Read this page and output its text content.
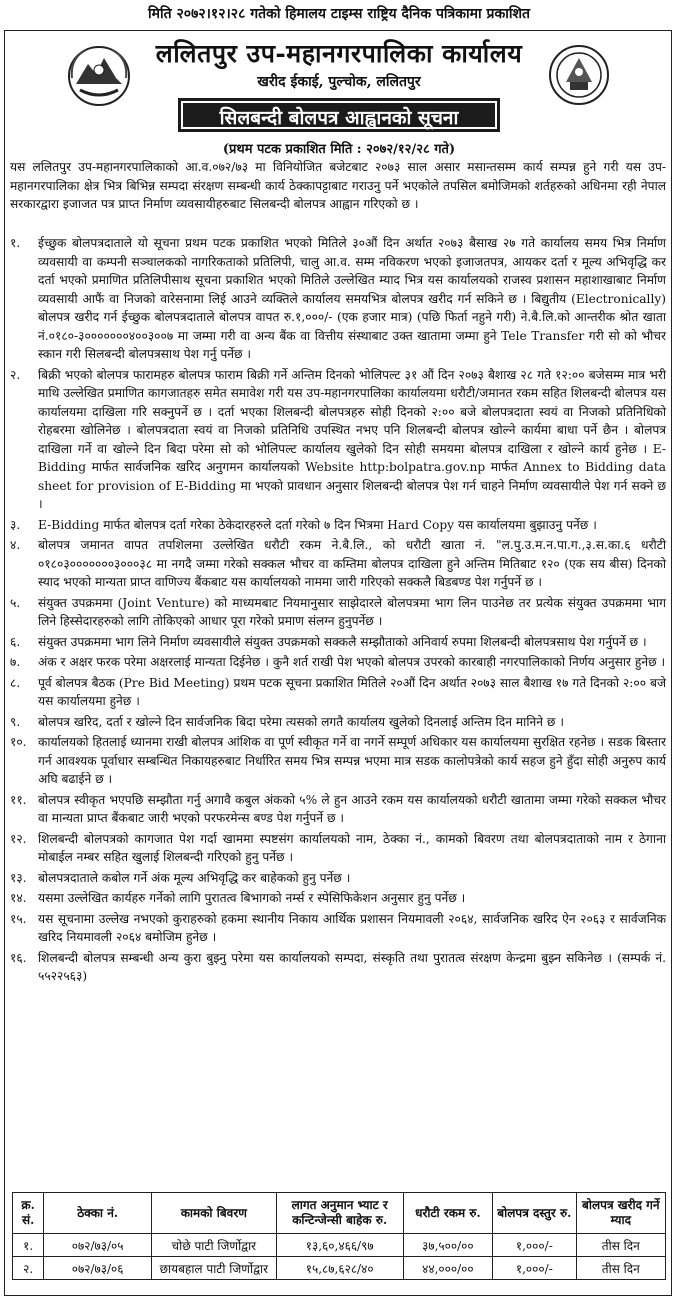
मिति २०७२।१२।२८ गतेको हिमालय टाइम्स राष्ट्रिय दैनिक पत्रिकामा प्रकाशित
ललितपुर उप-महानगरपालिका कार्यालय
खरीद ईकाई, पुल्चोक, ललितपुर
सिलबन्दी बोलपत्र आह्वानको सूचना
(प्रथम पटक प्रकाशित मिति : २०७२/१२/२८ गते)
यस ललितपुर उप-महानगरपालिकाको आ.व.०७२/७३ मा विनियोजित बजेटबाट २०७३ साल असार मसान्तसम्म कार्य सम्पन्न हुने गरी यस उप-महानगरपालिका क्षेत्र भित्र बिभिन्न सम्पदा संरक्षण सम्बन्धी कार्य ठेक्कापट्टाबाट गराउनु पर्ने भएकोले तपसिल बमोजिमको शर्तहरुको अधिनमा रही नेपाल सरकारद्वारा इजाजत पत्र प्राप्त निर्माण व्यवसायीहरुबाट सिलबन्दी बोलपत्र आह्वान गरिएको छ ।
१.	ईच्छुक बोलपत्रदाताले यो सूचना प्रथम पटक प्रकाशित भएको मितिले ३०औं दिन अर्थात २०७३ बैसाख २७ गते कार्यालय समय भित्र निर्माण व्यवसायी वा कम्पनी सञ्चालकको नागरिकताको प्रतिलिपी, चालु आ.व. सम्म नविकरण भएको इजाजतपत्र, आयकर दर्ता र मूल्य अभिवृद्धि कर दर्ता भएको प्रमाणित प्रतिलिपीसाथ सूचना प्रकाशित भएको मितिले उल्लेखित म्याद भित्र यस कार्यालयको राजस्व प्रशासन महाशाखाबाट निर्माण व्यवसायी आफैं वा निजको वारेसनामा लिई आउने व्यक्तिले कार्यालय समयभित्र बोलपत्र खरीद गर्न सकिने छ । बिद्युतीय (Electronically) बोलपत्र खरीद गर्न ईच्छुक बोलपत्रदाताले बोलपत्र वापत रु.१,०००/- (एक हजार मात्र) (पछि फिर्ता नहुने गरी) ने.बै.लि.को आन्तरीक श्रोत खाता नं.०१८०-३०००००००४००३००७ मा जम्मा गरी वा अन्य बैंक वा वित्तीय संस्थाबाट उक्त खातामा जम्मा हुने Tele Transfer गरी सो को भौचर स्कान गरी सिलबन्दी बोलपत्रसाथ पेश गर्नु पर्नेछ ।
२.	बिक्री भएको बोलपत्र फारामहरु बोलपत्र फाराम बिक्री गर्ने अन्तिम दिनको भोलिपल्ट ३१ औं दिन २०७३ बैशाख २८ गते १२:०० बजेसम्म मात्र भरी माथि उल्लेखित प्रमाणित कागजातहरु समेत समावेश गरी यस उप-महानगरपालिका कार्यालयमा धरौटी/जमानत रकम सहित शिलबन्दी बोलपत्र यस कार्यालयमा दाखिला गरि सक्नुपर्ने छ । दर्ता भएका शिलबन्दी बोलपत्रहरु सोही दिनको २:०० बजे बोलपत्रदाता स्वयं वा निजको प्रतिनिधिको रोहबरमा खोलिनेछ । बोलपत्रदाता स्वयं वा निजको प्रतिनिधि उपस्थित नभए पनि शिलबन्दी बोलपत्र खोल्ने कार्यमा बाधा पर्ने छैन । बोलपत्र दाखिला गर्ने वा खोल्ने दिन बिदा परेमा सो को भोलिपल्ट कार्यालय खुलेको दिन सोही समयमा बोलपत्र दाखिला र खोल्ने कार्य हुनेछ । E-Bidding मार्फत सार्वजनिक खरिद अनुगमन कार्यालयको Website http:bolpatra.gov.np मार्फत Annex to Bidding data sheet for provision of E-Bidding मा भएको प्रावधान अनुसार शिलबन्दी बोलपत्र पेश गर्न चाहने निर्माण व्यवसायीले पेश गर्न सक्ने छ ।
३.	E-Bidding मार्फत बोलपत्र दर्ता गरेका ठेकेदारहरुले दर्ता गरेको ७ दिन भित्रमा Hard Copy यस कार्यालयमा बुझाउनु पर्नेछ ।
४.	बोलपत्र जमानत वापत तपशिलमा उल्लेखित धरौटी रकम ने.बै.लि., को धरौटी खाता नं. "ल.पु.उ.म.न.पा.ग.,३.स.का.६ धरौटी ०१८०३०००००००३०००३८ मा नगदै जम्मा गरेको सक्कल भौचर वा कम्तिमा बोलपत्र दाखिला हुने अन्तिम मितिबाट १२० (एक सय बीस) दिनको स्याद भएको मान्यता प्राप्त वाणिज्य बैंकबाट यस कार्यालयको नाममा जारी गरिएको सक्कलै बिडबण्ड पेश गर्नुपर्ने छ ।
५.	संयुक्त उपक्रममा (Joint Venture) को माध्यमबाट नियमानुसार साझेदारले बोलपत्रमा भाग लिन पाउनेछ तर प्रत्येक संयुक्त उपक्रममा भाग लिने हिस्सेदारहरुको लागि तोकिएको आधार पूरा गरेको प्रमाण संलग्न हुनुपर्नेछ ।
६.	संयुक्त उपक्रममा भाग लिने निर्माण व्यवसायीले संयुक्त उपक्रमको सक्कलै सम्झौताको अनिवार्य रुपमा शिलबन्दी बोलपत्रसाथ पेश गर्नुपर्ने छ ।
७.	अंक र अक्षर फरक परेमा अक्षरलाई मान्यता दिईनेछ । कुनै शर्त राखी पेश भएको बोलपत्र उपरको कारबाही नगरपालिकाको निर्णय अनुसार हुनेछ ।
८.	पूर्व बोलपत्र बैठक (Pre Bid Meeting) प्रथम पटक सूचना प्रकाशित मितिले २०औं दिन अर्थात २०७३ साल बैशाख १७ गते दिनको २:०० बजे यस कार्यालयमा हुनेछ ।
९.	बोलपत्र खरिद, दर्ता र खोल्ने दिन सार्वजनिक बिदा परेमा त्यसको लगतै कार्यालय खुलेको दिनलाई अन्तिम दिन मानिने छ ।
१०. कार्यालयको हितलाई ध्यानमा राखी बोलपत्र आंशिक वा पूर्ण स्वीकृत गर्ने वा नगर्ने सम्पूर्ण अधिकार यस कार्यालयमा सुरक्षित रहनेछ । सडक बिस्तार गर्न आवश्यक पूर्वाधार सम्बन्धित निकायहरुबाट निर्धारित समय भित्र सम्पन्न भएमा मात्र सडक कालोपत्रेको कार्य सहज हुने हुँदा सोही अनुरुप कार्य अघि बढाईने छ ।
११. बोलपत्र स्वीकृत भएपछि सम्झौता गर्नु अगावै कबुल अंकको ५% ले हुन आउने रकम यस कार्यालयको धरौटी खातामा जम्मा गरेको सक्कल भौचर वा मान्यता प्राप्त बैंकबाट जारी भएको परफरमेन्स बण्ड पेश गर्नुपर्ने छ ।
१२. शिलबन्दी बोलपत्रको कागजात पेश गर्दा खाममा स्पष्टसंग कार्यालयको नाम, ठेक्का नं., कामको बिवरण तथा बोलपत्रदाताको नाम र ठेगाना मोबाईल नम्बर सहित खुलाई शिलबन्दी गरिएको हुनु पर्नेछ ।
१३. बोलपत्रदाताले कबोल गर्ने अंक मूल्य अभिवृद्धि कर बाहेकको हुनु पर्नेछ ।
१४. यसमा उल्लेखित कार्यहरु गर्नेको लागि पुरातत्व बिभागको नर्म्स र स्पेसिफिकेशन अनुसार हुनु पर्नेछ ।
१५. यस सूचनामा उल्लेख नभएको कुराहरुको हकमा स्थानीय निकाय आर्थिक प्रशासन नियमावली २०६४, सार्वजनिक खरिद ऐन २०६३ र सार्वजनिक खरिद नियमावली २०६४ बमोजिम हुनेछ ।
१६. शिलबन्दी बोलपत्र सम्बन्धी अन्य कुरा बुझ्नु परेमा यस कार्यालयको सम्पदा, संस्कृति तथा पुरातत्व संरक्षण केन्द्रमा बुझ्न सकिनेछ । (सम्पर्क नं. ५५२२५६३)
क्र. सं.	ठेक्का नं.	कामको बिवरण	लागत अनुमान भ्याट र कन्टिन्जेन्सी बाहेक रु.	धरौटी रकम रु.	बोलपत्र दस्तुर रु.	बोलपत्र खरीद गर्ने म्याद
१.	०७२/७३/०५	चोछे पाटी जिर्णोद्वार	१३,६०,४६६/९७	३७,५००/००	१,०००/-	तीस दिन
२.	०७२/७३/०६	छायबहाल पाटी जिर्णोद्वार	१५,८७,६२८/४०	४४,०००/००	१,०००/-	तीस दिन
